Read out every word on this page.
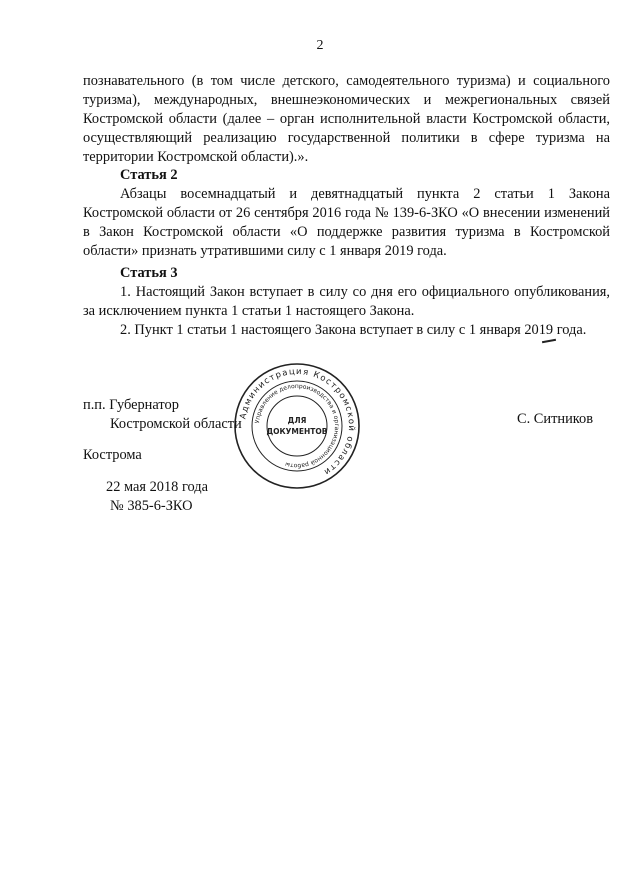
2
познавательного (в том числе детского, самодеятельного туризма) и социального туризма), международных, внешнеэкономических и межрегиональных связей Костромской области (далее – орган исполнительной власти Костромской области, осуществляющий реализацию государственной политики в сфере туризма на территории Костромской области).».
Статья 2
Абзацы восемнадцатый и девятнадцатый пункта 2 статьи 1 Закона Костромской области от 26 сентября 2016 года № 139-6-ЗКО «О внесении изменений в Закон Костромской области «О поддержке развития туризма в Костромской области» признать утратившими силу с 1 января 2019 года.
Статья 3
1. Настоящий Закон вступает в силу со дня его официального опубликования, за исключением пункта 1 статьи 1 настоящего Закона.
2. Пункт 1 статьи 1 настоящего Закона вступает в силу с 1 января 2019 года.
Администрация Костромской области
Управление делопроизводства и организационной работы
ДЛЯ
ДОКУМЕНТОВ
п.п. Губернатор
Костромской области	С. Ситников
Кострома
22 мая 2018 года
№ 385-6-ЗКО
